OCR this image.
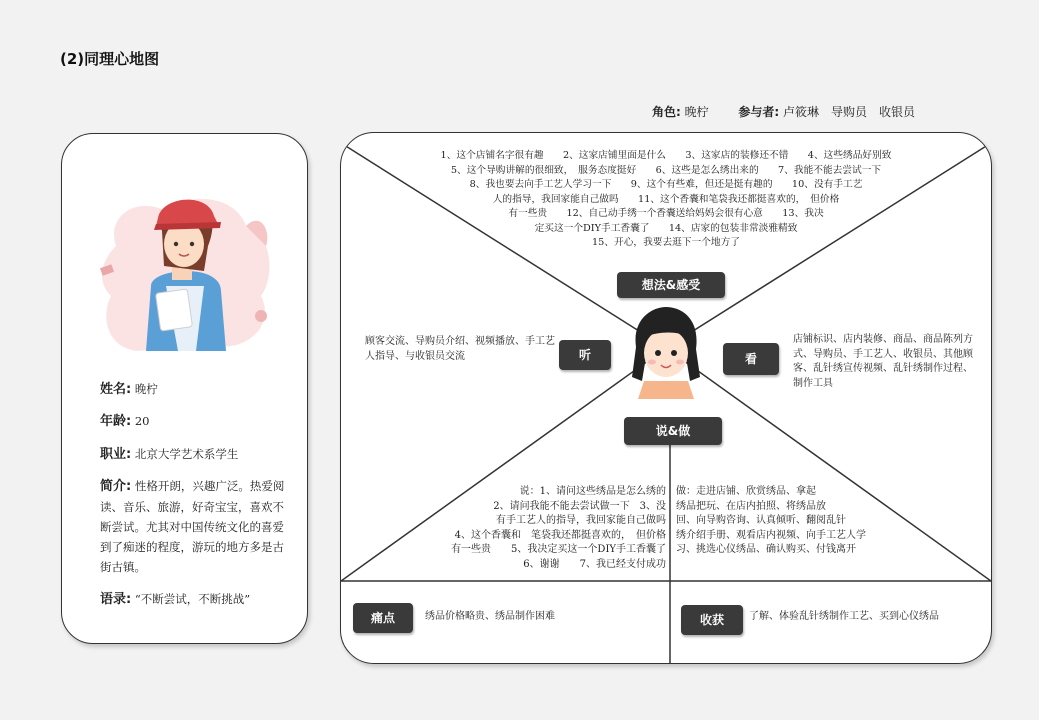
(2)同理心地图
角色: 晚柠 参与者: 卢筱琳　导购员　收银员
姓名: 晚柠
年龄: 20
职业: 北京大学艺术系学生
简介: 性格开朗，兴趣广泛。热爱阅读、音乐、旅游，好奇宝宝，喜欢不断尝试。尤其对中国传统文化的喜爱到了痴迷的程度，游玩的地方多是古街古镇。
语录: “不断尝试，不断挑战”
1、这个店铺名字很有趣　　2、这家店铺里面是什么　　3、这家店的装修还不错　　4、这些绣品好别致
5、这个导购讲解的很细致，　服务态度挺好　　6、这些是怎么绣出来的　　7、我能不能去尝试一下
8、我也要去向手工艺人学习一下　　9、这个有些难，但还是挺有趣的　　10、没有手工艺
人的指导，我回家能自己做吗　　11、这个香囊和笔袋我还都挺喜欢的，　但价格
有一些贵　　12、自己动手绣一个香囊送给妈妈会很有心意　　13、我决
定买这一个DIY手工香囊了　　14、店家的包装非常淡雅精致
15、开心，我要去逛下一个地方了
想法&感受
顾客交流、导购员介绍、视频播放、手工艺人指导、与收银员交流	听	看
店铺标识、店内装修、商品、商品陈列方式、导购员、手工艺人、收银员、其他顾客、乱针绣宣传视频、乱针绣制作过程、制作工具
说&做
说：1、请问这些绣品是怎么绣的
2、请问我能不能去尝试做一下　3、没
有手工艺人的指导，我回家能自己做吗
4、这个香囊和　笔袋我还都挺喜欢的，　但价格
有一些贵　　5、我决定买这一个DIY手工香囊了
6、谢谢　　7、我已经支付成功
做：走进店铺、欣赏绣品、拿起
绣品把玩、在店内拍照、将绣品放
回、向导购咨询、认真倾听、翻阅乱针
绣介绍手册、观看店内视频、向手工艺人学
习、挑选心仪绣品、确认购买、付钱离开
痛点	绣品价格略贵、绣品制作困难	收获	了解、体验乱针绣制作工艺、买到心仪绣品
